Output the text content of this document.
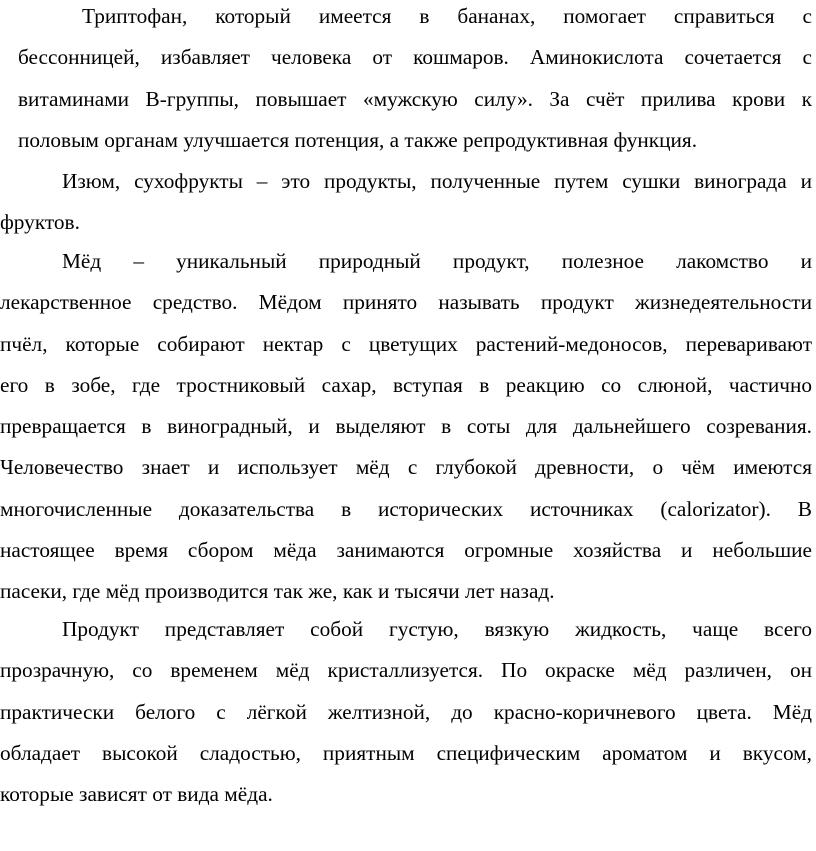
Триптофан, который имеется в бананах, помогает справиться с
бессонницей, избавляет человека от кошмаров. Аминокислота сочетается с
витаминами В-группы, повышает «мужскую силу». За счёт прилива крови к
половым органам улучшается потенция, а также репродуктивная функция.

Изюм, сухофрукты – это продукты, полученные путем сушки винограда и
фруктов.

Мёд – уникальный природный продукт, полезное лакомство и
лекарственное средство. Мёдом принято называть продукт жизнедеятельности
пчёл, которые собирают нектар с цветущих растений-медоносов, переваривают
его в зобе, где тростниковый сахар, вступая в реакцию со слюной, частично
превращается в виноградный, и выделяют в соты для дальнейшего созревания.
Человечество знает и использует мёд с глубокой древности, о чём имеются
многочисленные доказательства в исторических источниках (calorizator). В
настоящее время сбором мёда занимаются огромные хозяйства и небольшие
пасеки, где мёд производится так же, как и тысячи лет назад.

Продукт представляет собой густую, вязкую жидкость, чаще всего
прозрачную, со временем мёд кристаллизуется. По окраске мёд различен, он
практически белого с лёгкой желтизной, до красно-коричневого цвета. Мёд
обладает высокой сладостью, приятным специфическим ароматом и вкусом,
которые зависят от вида мёда.
